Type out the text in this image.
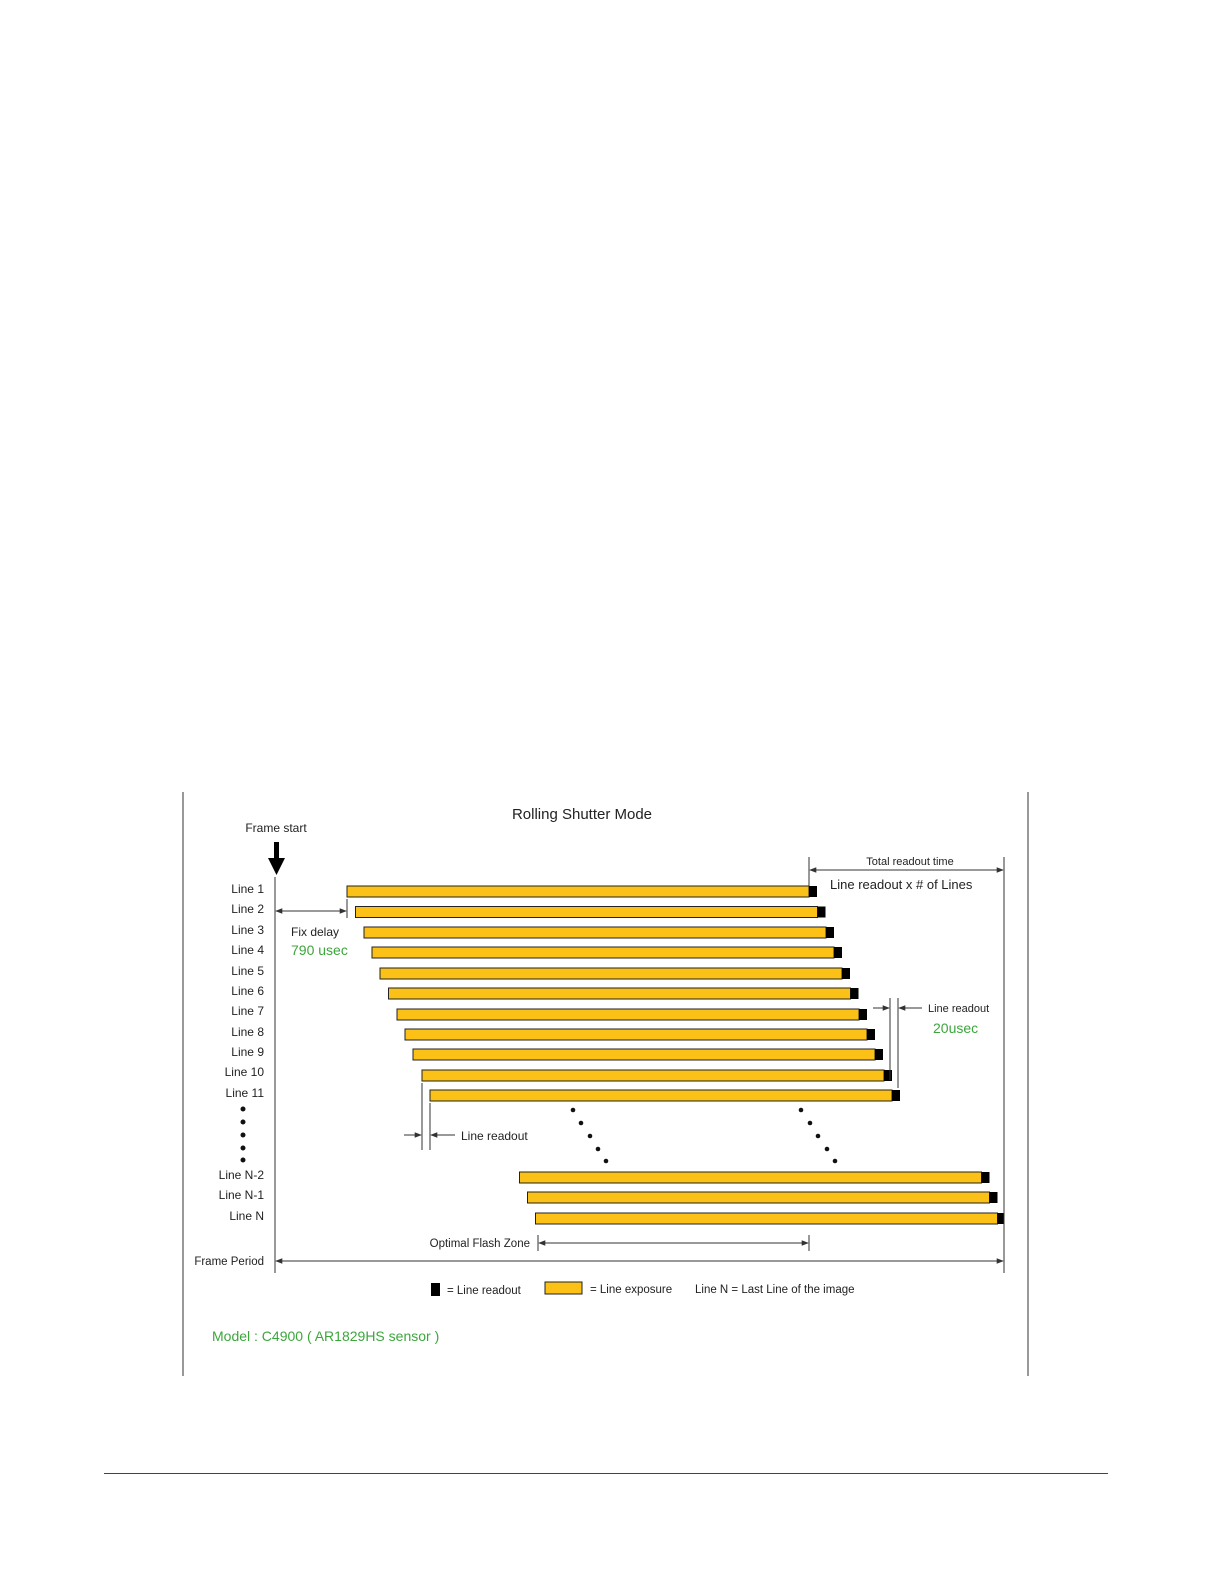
Rolling Shutter Mode
Frame start
Line 1
Line 2
Line 3
Line 4
Line 5
Line 6
Line 7
Line 8
Line 9
Line 10
Line 11
Line N-2
Line N-1
Line N
Total readout time
Line readout x # of Lines
Fix delay
790 usec
Line readout
20usec
Line readout
Optimal Flash Zone
Frame Period
= Line readout	= Line exposure Line N = Last Line of the image
Model : C4900 ( AR1829HS sensor )
